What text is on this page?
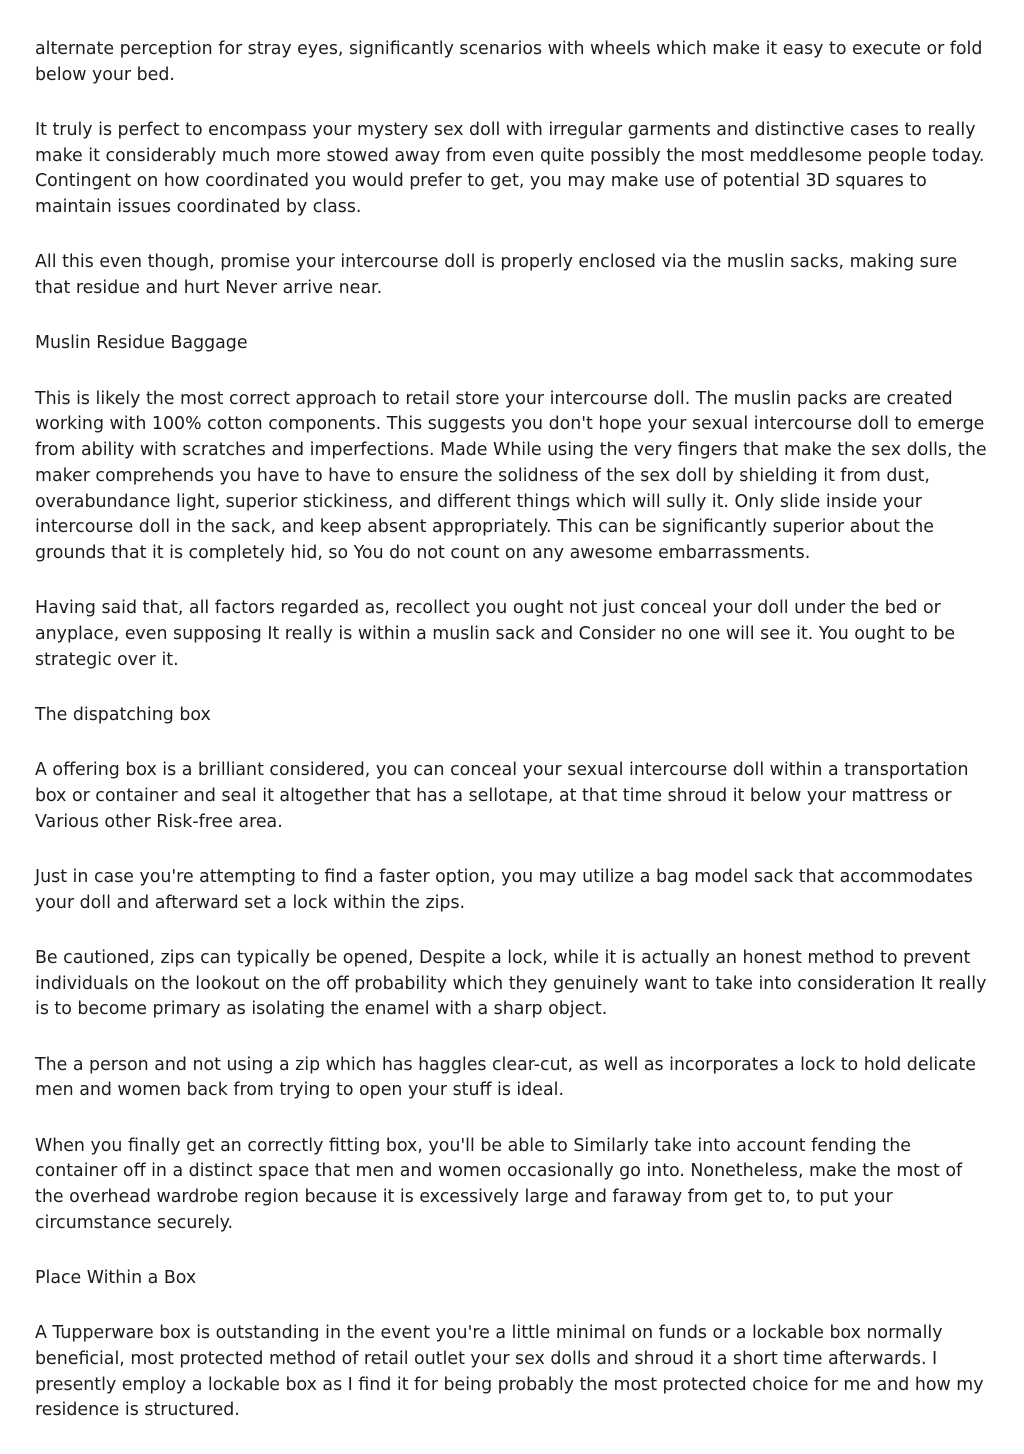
alternate perception for stray eyes, significantly scenarios with wheels which make it easy to execute or fold below your bed.

It truly is perfect to encompass your mystery sex doll with irregular garments and distinctive cases to really make it considerably much more stowed away from even quite possibly the most meddlesome people today. Contingent on how coordinated you would prefer to get, you may make use of potential 3D squares to maintain issues coordinated by class.

All this even though, promise your intercourse doll is properly enclosed via the muslin sacks, making sure that residue and hurt Never arrive near.

Muslin Residue Baggage

This is likely the most correct approach to retail store your intercourse doll. The muslin packs are created working with 100% cotton components. This suggests you don't hope your sexual intercourse doll to emerge from ability with scratches and imperfections. Made While using the very fingers that make the sex dolls, the maker comprehends you have to have to ensure the solidness of the sex doll by shielding it from dust, overabundance light, superior stickiness, and different things which will sully it. Only slide inside your intercourse doll in the sack, and keep absent appropriately. This can be significantly superior about the grounds that it is completely hid, so You do not count on any awesome embarrassments.

Having said that, all factors regarded as, recollect you ought not just conceal your doll under the bed or anyplace, even supposing It really is within a muslin sack and Consider no one will see it. You ought to be strategic over it.

The dispatching box

A offering box is a brilliant considered, you can conceal your sexual intercourse doll within a transportation box or container and seal it altogether that has a sellotape, at that time shroud it below your mattress or Various other Risk-free area.

Just in case you're attempting to find a faster option, you may utilize a bag model sack that accommodates your doll and afterward set a lock within the zips.

Be cautioned, zips can typically be opened, Despite a lock, while it is actually an honest method to prevent individuals on the lookout on the off probability which they genuinely want to take into consideration It really is to become primary as isolating the enamel with a sharp object.

The a person and not using a zip which has haggles clear-cut, as well as incorporates a lock to hold delicate men and women back from trying to open your stuff is ideal.

When you finally get an correctly fitting box, you'll be able to Similarly take into account fending the container off in a distinct space that men and women occasionally go into. Nonetheless, make the most of the overhead wardrobe region because it is excessively large and faraway from get to, to put your circumstance securely.

Place Within a Box

A Tupperware box is outstanding in the event you're a little minimal on funds or a lockable box normally beneficial, most protected method of retail outlet your sex dolls and shroud it a short time afterwards. I presently employ a lockable box as I find it for being probably the most protected choice for me and how my residence is structured.
